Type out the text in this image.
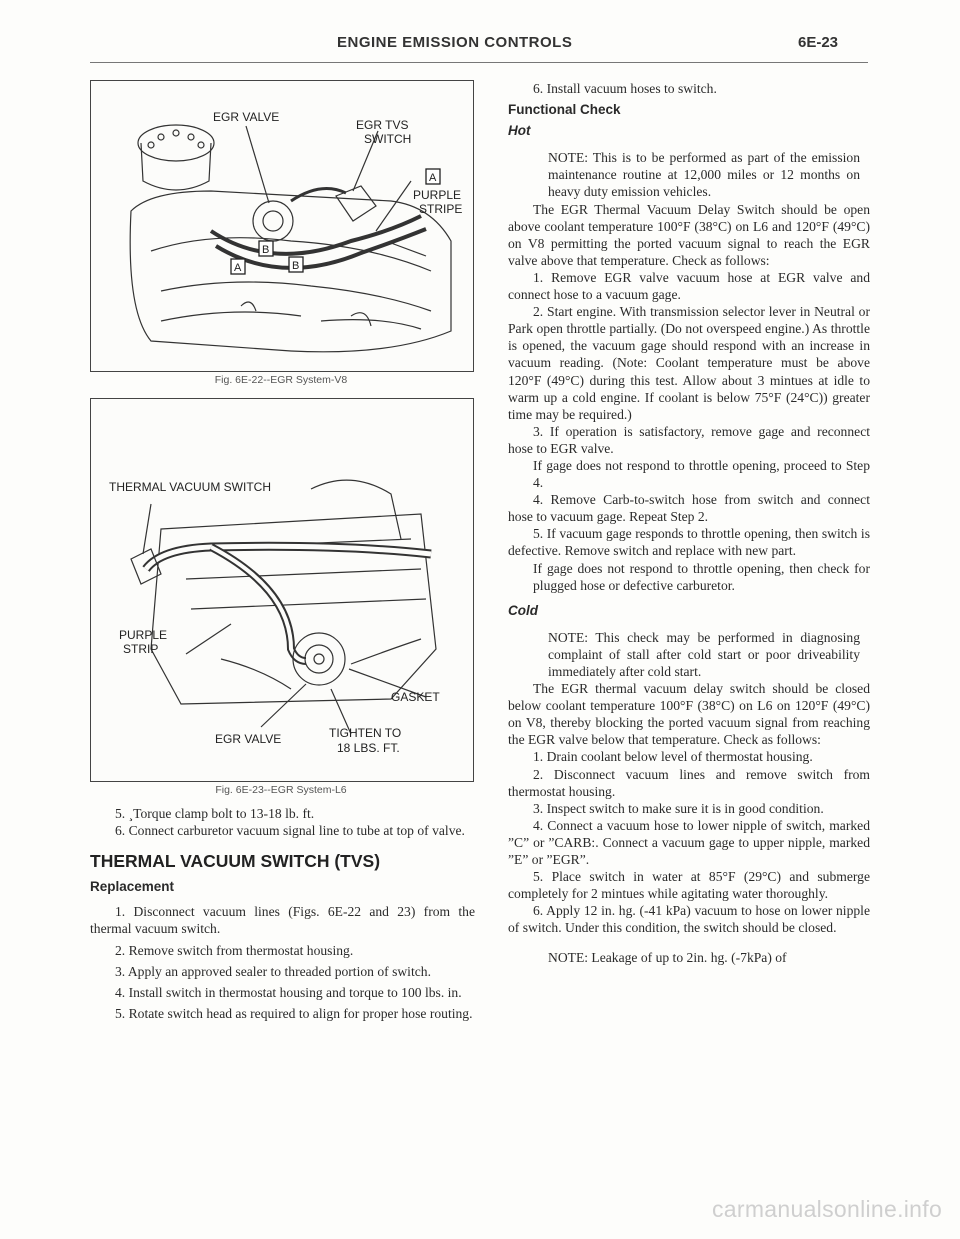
ENGINE EMISSION CONTROLS	6E-23
B
A	B
A
EGR VALVE
EGR TVS
SWITCH
PURPLE
STRIPE
Fig. 6E-22--EGR System-V8
THERMAL VACUUM SWITCH
PURPLE
STRIP
GASKET
EGR VALVE	TIGHTEN TO
18 LBS. FT.
Fig. 6E-23--EGR System-L6

5. ¸Torque clamp bolt to 13-18 lb. ft.

6. Connect carburetor vacuum signal line to tube at top of valve.

THERMAL VACUUM SWITCH (TVS)
Replacement

1. Disconnect vacuum lines (Figs. 6E-22 and 23) from the thermal vacuum switch.

2. Remove switch from thermostat housing.

3. Apply an approved sealer to threaded portion of switch.

4. Install switch in thermostat housing and torque to 100 lbs. in.

5. Rotate switch head as required to align for proper hose routing.

6. Install vacuum hoses to switch.

Functional Check
Hot

NOTE: This is to be performed as part of the emission maintenance routine at 12,000 miles or 12 months on heavy duty emission vehicles.

The EGR Thermal Vacuum Delay Switch should be open above coolant temperature 100°F (38°C) on L6 and 120°F (49°C) on V8 permitting the ported vacuum signal to reach the EGR valve above that temperature. Check as follows:

1. Remove EGR valve vacuum hose at EGR valve and connect hose to a vacuum gage.

2. Start engine. With transmission selector lever in Neutral or Park open throttle partially. (Do not overspeed engine.) As throttle is opened, the vacuum gage should respond with an increase in vacuum reading. (Note: Coolant temperature must be above 120°F (49°C) during this test. Allow about 3 mintues at idle to warm up a cold engine. If coolant is below 75°F (24°C)) greater time may be required.)

3. If operation is satisfactory, remove gage and reconnect hose to EGR valve.

If gage does not respond to throttle opening, proceed to Step 4.

4. Remove Carb-to-switch hose from switch and connect hose to vacuum gage. Repeat Step 2.

5. If vacuum gage responds to throttle opening, then switch is defective. Remove switch and replace with new part.

If gage does not respond to throttle opening, then check for plugged hose or defective carburetor.

Cold

NOTE: This check may be performed in diagnosing complaint of stall after cold start or poor driveability immediately after cold start.

The EGR thermal vacuum delay switch should be closed below coolant temperature 100°F (38°C) on L6 on 120°F (49°C) on V8, thereby blocking the ported vacuum signal from reaching the EGR valve below that temperature. Check as follows:

1. Drain coolant below level of thermostat housing.

2. Disconnect vacuum lines and remove switch from thermostat housing.

3. Inspect switch to make sure it is in good condition.

4. Connect a vacuum hose to lower nipple of switch, marked ”C” or ”CARB:. Connect a vacuum gage to upper nipple, marked ”E” or ”EGR”.

5. Place switch in water at 85°F (29°C) and submerge completely for 2 mintues while agitating water thoroughly.

6. Apply 12 in. hg. (-41 kPa) vacuum to hose on lower nipple of switch. Under this condition, the switch should be closed.

NOTE: Leakage of up to 2in. hg. (-7kPa) of

carmanualsonline.info
